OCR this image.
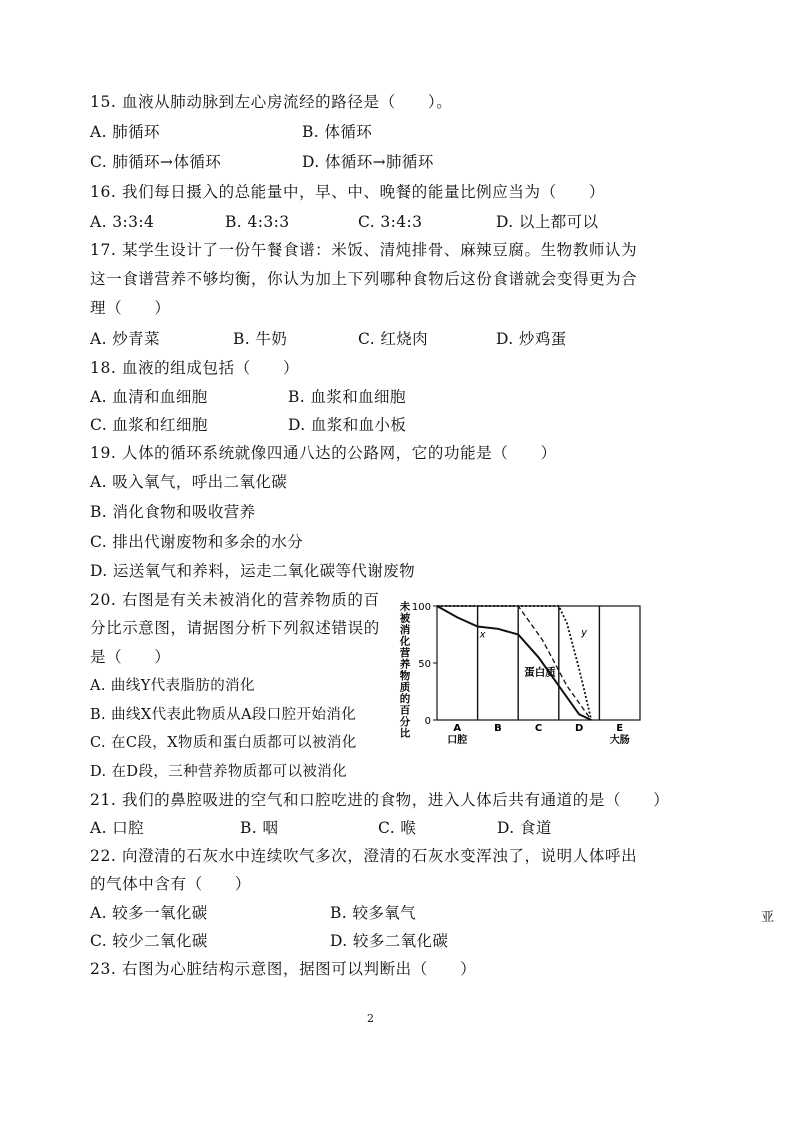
15. 血液从肺动脉到左心房流经的路径是（　　）。
A. 肺循环	B. 体循环
C. 肺循环→体循环	D. 体循环→肺循环
16. 我们每日摄入的总能量中，早、中、晚餐的能量比例应当为（　　）
A. 3:3:4	B. 4:3:3	C. 3:4:3	D. 以上都可以
17. 某学生设计了一份午餐食谱：米饭、清炖排骨、麻辣豆腐。生物教师认为
这一食谱营养不够均衡，你认为加上下列哪种食物后这份食谱就会变得更为合
理（　　）
A. 炒青菜	B. 牛奶	C. 红烧肉	D. 炒鸡蛋
18. 血液的组成包括（　　）
A. 血清和血细胞	B. 血浆和血细胞
C. 血浆和红细胞	D. 血浆和血小板
19. 人体的循环系统就像四通八达的公路网，它的功能是（　　）
A. 吸入氧气，呼出二氧化碳
B. 消化食物和吸收营养
C. 排出代谢废物和多余的水分
D. 运送氧气和养料，运走二氧化碳等代谢废物
20. 右图是有关未被消化的营养物质的百
分比示意图，请据图分析下列叙述错误的
是（　　）
A. 曲线Y代表脂肪的消化
B. 曲线X代表此物质从A段口腔开始消化
C. 在C段，X物质和蛋白质都可以被消化
D. 在D段，三种营养物质都可以被消化
未
被
消
化
营
养
物
质
的
百
分
比
100
50
0
A	B	C	D	E
口腔	大肠
x	y
蛋白质
21. 我们的鼻腔吸进的空气和口腔吃进的食物，进入人体后共有通道的是（　　）
A. 口腔	B. 咽	C. 喉	D. 食道
22. 向澄清的石灰水中连续吹气多次，澄清的石灰水变浑浊了，说明人体呼出
的气体中含有（　　）
A. 较多一氧化碳	B. 较多氧气
C. 较少二氧化碳	D. 较多二氧化碳
亚
23. 右图为心脏结构示意图，据图可以判断出（　　）
2
